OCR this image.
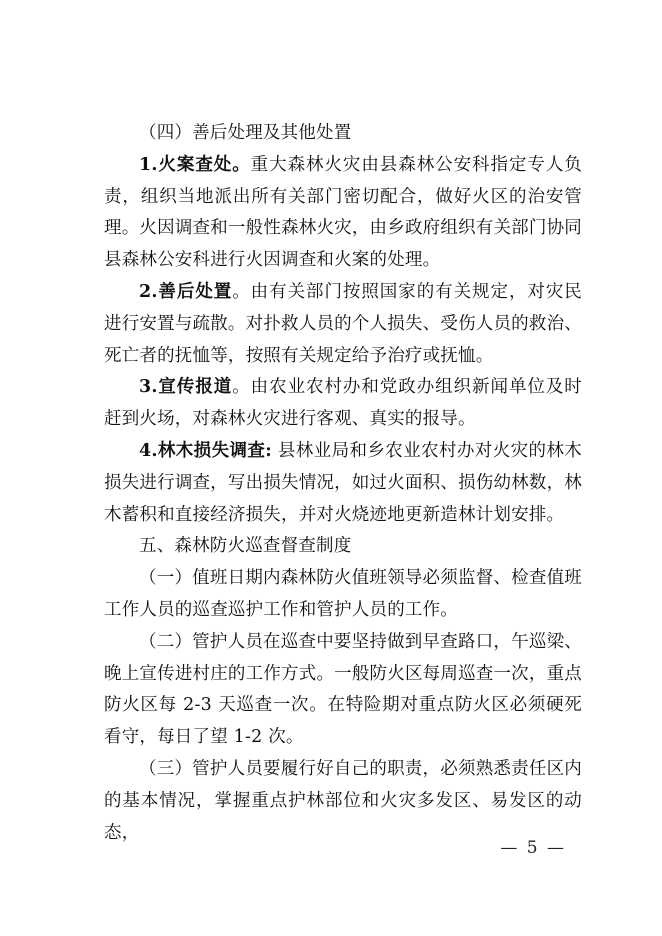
（四）善后处理及其他处置

1.火案查处。重大森林火灾由县森林公安科指定专人负责，组织当地派出所有关部门密切配合，做好火区的治安管理。火因调查和一般性森林火灾，由乡政府组织有关部门协同县森林公安科进行火因调查和火案的处理。

2.善后处置。由有关部门按照国家的有关规定，对灾民进行安置与疏散。对扑救人员的个人损失、受伤人员的救治、死亡者的抚恤等，按照有关规定给予治疗或抚恤。

3.宣传报道。由农业农村办和党政办组织新闻单位及时赶到火场，对森林火灾进行客观、真实的报导。

4.林木损失调查: 县林业局和乡农业农村办对火灾的林木损失进行调查，写出损失情况，如过火面积、损伤幼林数，林木蓄积和直接经济损失，并对火烧迹地更新造林计划安排。

五、森林防火巡查督查制度

（一）值班日期内森林防火值班领导必须监督、检查值班工作人员的巡查巡护工作和管护人员的工作。

（二）管护人员在巡查中要坚持做到早查路口，午巡梁、晚上宣传进村庄的工作方式。一般防火区每周巡查一次，重点防火区每 2-3 天巡查一次。在特险期对重点防火区必须硬死看守，每日了望 1-2 次。

（三）管护人员要履行好自己的职责，必须熟悉责任区内的基本情况，掌握重点护林部位和火灾多发区、易发区的动态，

— 5 —
